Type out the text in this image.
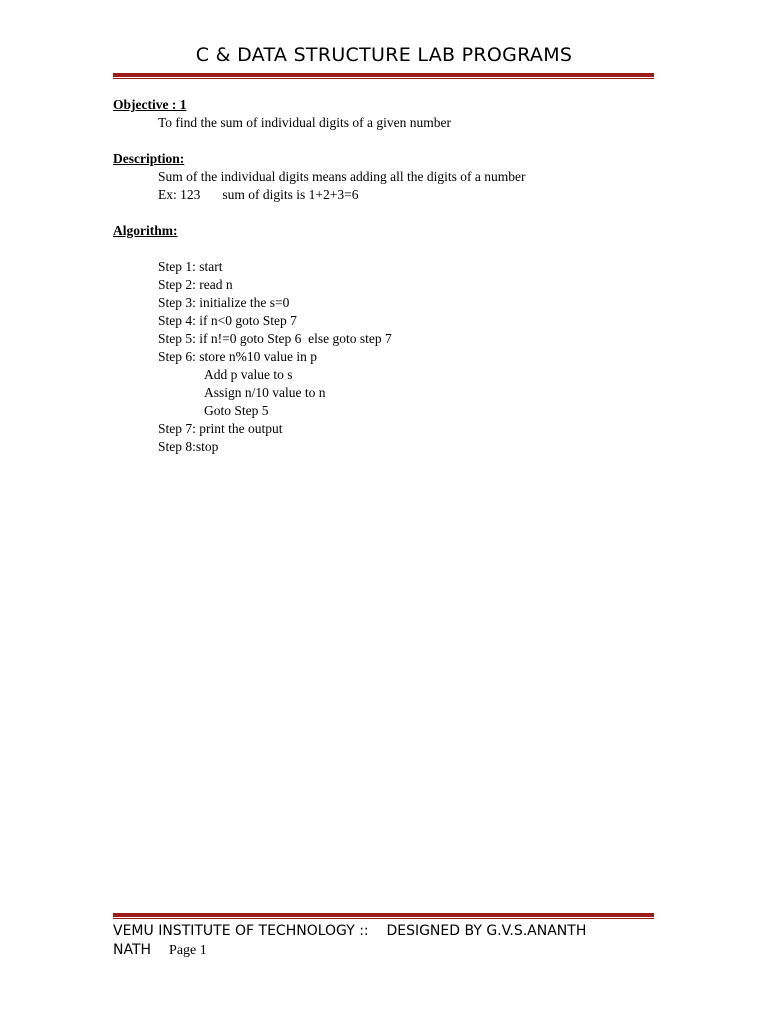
C & DATA STRUCTURE LAB PROGRAMS
Objective : 1
To find the sum of individual digits of a given number
Description:
Sum of the individual digits means adding all the digits of a number
Ex: 123 sum of digits is 1+2+3=6
Algorithm:
Step 1: start
Step 2: read n
Step 3: initialize the s=0
Step 4: if n<0 goto Step 7
Step 5: if n!=0 goto Step 6  else goto step 7
Step 6: store n%10 value in p
Add p value to s
Assign n/10 value to n
Goto Step 5
Step 7: print the output
Step 8:stop
VEMU INSTITUTE OF TECHNOLOGY ::    DESIGNED BY G.V.S.ANANTH
NATH Page 1
